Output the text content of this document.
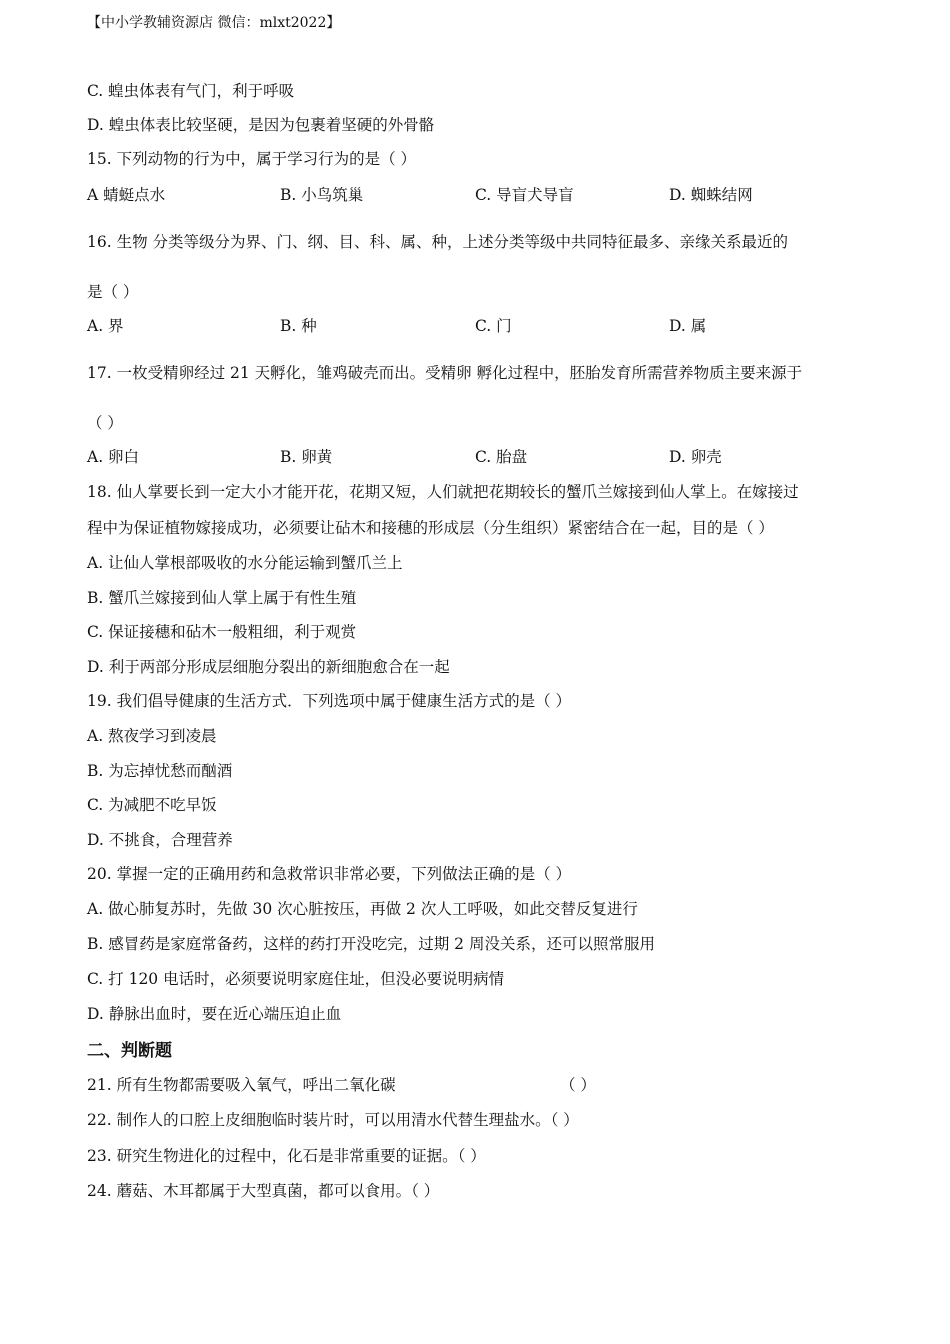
【中小学教辅资源店 微信：mlxt2022】
C. 蝗虫体表有气门，利于呼吸
D. 蝗虫体表比较坚硬，是因为包裹着坚硬的外骨骼
15. 下列动物的行为中，属于学习行为的是（ ）
A 蜻蜓点水	B. 小鸟筑巢	C. 导盲犬导盲	D. 蜘蛛结网
16. 生物 分类等级分为界、门、纲、目、科、属、种，上述分类等级中共同特征最多、亲缘关系最近的
是（ ）
A. 界	B. 种	C. 门	D. 属
17. 一枚受精卵经过 21 天孵化，雏鸡破壳而出。受精卵 孵化过程中，胚胎发育所需营养物质主要来源于
（ ）
A. 卵白	B. 卵黄	C. 胎盘	D. 卵壳
18. 仙人掌要长到一定大小才能开花，花期又短，人们就把花期较长的蟹爪兰嫁接到仙人掌上。在嫁接过
程中为保证植物嫁接成功，必须要让砧木和接穗的形成层（分生组织）紧密结合在一起，目的是（ ）
A. 让仙人掌根部吸收的水分能运输到蟹爪兰上
B. 蟹爪兰嫁接到仙人掌上属于有性生殖
C. 保证接穗和砧木一般粗细，利于观赏
D. 利于两部分形成层细胞分裂出的新细胞愈合在一起
19. 我们倡导健康的生活方式．下列选项中属于健康生活方式的是（ ）
A. 熬夜学习到凌晨
B. 为忘掉忧愁而酗酒
C. 为减肥不吃早饭
D. 不挑食，合理营养
20. 掌握一定的正确用药和急救常识非常必要，下列做法正确的是（ ）
A. 做心肺复苏时，先做 30 次心脏按压，再做 2 次人工呼吸，如此交替反复进行
B. 感冒药是家庭常备药，这样的药打开没吃完，过期 2 周没关系，还可以照常服用
C. 打 120 电话时，必须要说明家庭住址，但没必要说明病情
D. 静脉出血时，要在近心端压迫止血
二、判断题
21. 所有生物都需要吸入氧气，呼出二氧化碳	（ ）
22. 制作人的口腔上皮细胞临时装片时，可以用清水代替生理盐水。（ ）
23. 研究生物进化的过程中，化石是非常重要的证据。（ ）
24. 蘑菇、木耳都属于大型真菌，都可以食用。（ ）
